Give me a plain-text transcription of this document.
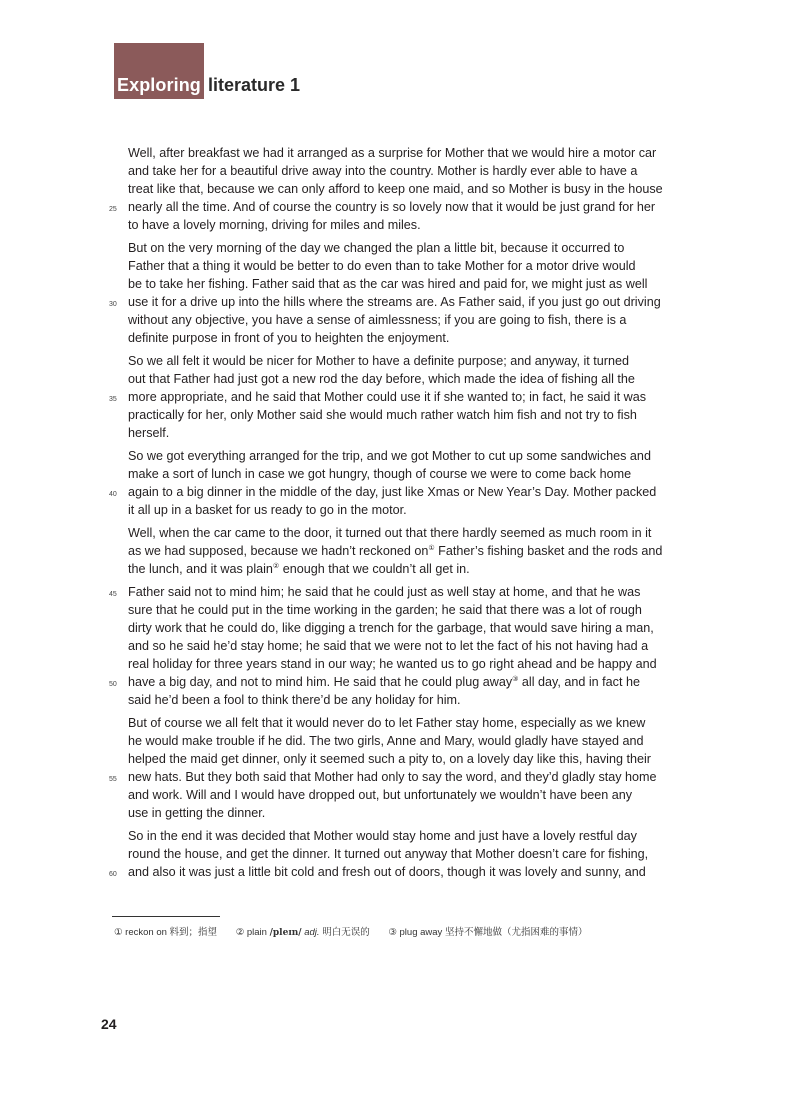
Exploring literature 1
Well, after breakfast we had it arranged as a surprise for Mother that we would hire a motor car
and take her for a beautiful drive away into the country. Mother is hardly ever able to have a
treat like that, because we can only afford to keep one maid, and so Mother is busy in the house
nearly all the time. And of course the country is so lovely now that it would be just grand for her
25
to have a lovely morning, driving for miles and miles.
But on the very morning of the day we changed the plan a little bit, because it occurred to
Father that a thing it would be better to do even than to take Mother for a motor drive would
be to take her fishing. Father said that as the car was hired and paid for, we might just as well
use it for a drive up into the hills where the streams are. As Father said, if you just go out driving
30
without any objective, you have a sense of aimlessness; if you are going to fish, there is a
definite purpose in front of you to heighten the enjoyment.
So we all felt it would be nicer for Mother to have a definite purpose; and anyway, it turned
out that Father had just got a new rod the day before, which made the idea of fishing all the
more appropriate, and he said that Mother could use it if she wanted to; in fact, he said it was
35
practically for her, only Mother said she would much rather watch him fish and not try to fish
herself.
So we got everything arranged for the trip, and we got Mother to cut up some sandwiches and
make a sort of lunch in case we got hungry, though of course we were to come back home
again to a big dinner in the middle of the day, just like Xmas or New Year’s Day. Mother packed
40
it all up in a basket for us ready to go in the motor.
Well, when the car came to the door, it turned out that there hardly seemed as much room in it
as we had supposed, because we hadn’t reckoned on① Father’s fishing basket and the rods and
the lunch, and it was plain② enough that we couldn’t all get in.
Father said not to mind him; he said that he could just as well stay at home, and that he was
45
sure that he could put in the time working in the garden; he said that there was a lot of rough
dirty work that he could do, like digging a trench for the garbage, that would save hiring a man,
and so he said he’d stay home; he said that we were not to let the fact of his not having had a
real holiday for three years stand in our way; he wanted us to go right ahead and be happy and
have a big day, and not to mind him. He said that he could plug away③ all day, and in fact he
50
said he’d been a fool to think there’d be any holiday for him.
But of course we all felt that it would never do to let Father stay home, especially as we knew
he would make trouble if he did. The two girls, Anne and Mary, would gladly have stayed and
helped the maid get dinner, only it seemed such a pity to, on a lovely day like this, having their
new hats. But they both said that Mother had only to say the word, and they’d gladly stay home
55
and work. Will and I would have dropped out, but unfortunately we wouldn’t have been any
use in getting the dinner.
So in the end it was decided that Mother would stay home and just have a lovely restful day
round the house, and get the dinner. It turned out anyway that Mother doesn’t care for fishing,
and also it was just a little bit cold and fresh out of doors, though it was lovely and sunny, and
60
① reckon on 料到；指望 ② plain /pleɪn/ adj. 明白无误的 ③ plug away 坚持不懈地做（尤指困难的事情）
24
